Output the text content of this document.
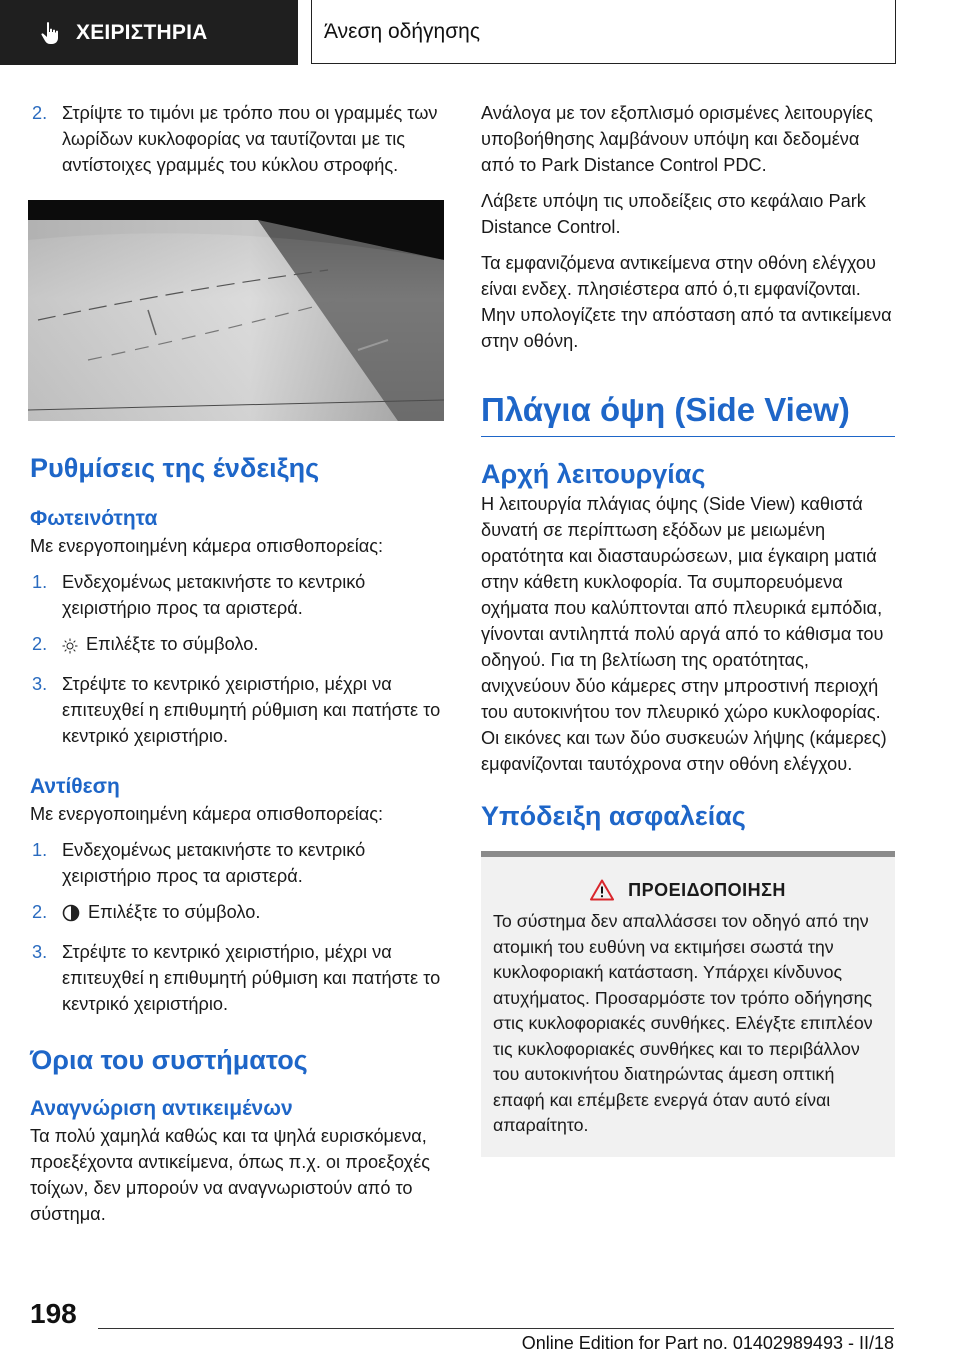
ΧΕΙΡΙΣΤΗΡΙΑ	Άνεση οδήγησης
2. Στρίψτε το τιμόνι με τρόπο που οι γραμμές των λωρίδων κυκλοφορίας να ταυτίζονται με τις αντίστοιχες γραμμές του κύκλου στροφής.
Ρυθμίσεις της ένδειξης
Φωτεινότητα

Με ενεργοποιημένη κάμερα οπισθοπορείας:

1. Ενδεχομένως μετακινήστε το κεντρικό χειριστήριο προς τα αριστερά.
2. Επιλέξτε το σύμβολο.
3. Στρέψτε το κεντρικό χειριστήριο, μέχρι να επιτευχθεί η επιθυμητή ρύθμιση και πατήστε το κεντρικό χειριστήριο.
Αντίθεση

Με ενεργοποιημένη κάμερα οπισθοπορείας:

1. Ενδεχομένως μετακινήστε το κεντρικό χειριστήριο προς τα αριστερά.
2. Επιλέξτε το σύμβολο.
3. Στρέψτε το κεντρικό χειριστήριο, μέχρι να επιτευχθεί η επιθυμητή ρύθμιση και πατήστε το κεντρικό χειριστήριο.
Όρια του συστήματος
Αναγνώριση αντικειμένων

Τα πολύ χαμηλά καθώς και τα ψηλά ευρισκόμενα, προεξέχοντα αντικείμενα, όπως π.χ. οι προεξοχές τοίχων, δεν μπορούν να αναγνωριστούν από το σύστημα.

Ανάλογα με τον εξοπλισμό ορισμένες λειτουργίες υποβοήθησης λαμβάνουν υπόψη και δεδομένα από το Park Distance Control PDC.

Λάβετε υπόψη τις υποδείξεις στο κεφάλαιο Park Distance Control.

Τα εμφανιζόμενα αντικείμενα στην οθόνη ελέγχου είναι ενδεχ. πλησιέστερα από ό,τι εμφανίζονται. Μην υπολογίζετε την απόσταση από τα αντικείμενα στην οθόνη.

Πλάγια όψη (Side View)
Αρχή λειτουργίας

Η λειτουργία πλάγιας όψης (Side View) καθιστά δυνατή σε περίπτωση εξόδων με μειωμένη ορατότητα και διασταυρώσεων, μια έγκαιρη ματιά στην κάθετη κυκλοφορία. Τα συμπορευόμενα οχήματα που καλύπτονται από πλευρικά εμπόδια, γίνονται αντιληπτά πολύ αργά από το κάθισμα του οδηγού. Για τη βελτίωση της ορατότητας, ανιχνεύουν δύο κάμερες στην μπροστινή περιοχή του αυτοκινήτου τον πλευρικό χώρο κυκλοφορίας. Οι εικόνες και των δύο συσκευών λήψης (κάμερες) εμφανίζονται ταυτόχρονα στην οθόνη ελέγχου.

Υπόδειξη ασφαλείας
ΠΡΟΕΙΔΟΠΟΙΗΣΗ

Το σύστημα δεν απαλλάσσει τον οδηγό από την ατομική του ευθύνη να εκτιμήσει σωστά την κυκλοφοριακή κατάσταση. Υπάρχει κίνδυνος ατυχήματος. Προσαρμόστε τον τρόπο οδήγησης στις κυκλοφοριακές συνθήκες. Ελέγξτε επιπλέον τις κυκλοφοριακές συνθήκες και το περιβάλλον του αυτοκινήτου διατηρώντας άμεση οπτική επαφή και επέμβετε ενεργά όταν αυτό είναι απαραίτητο.

198
Online Edition for Part no. 01402989493 - II/18
